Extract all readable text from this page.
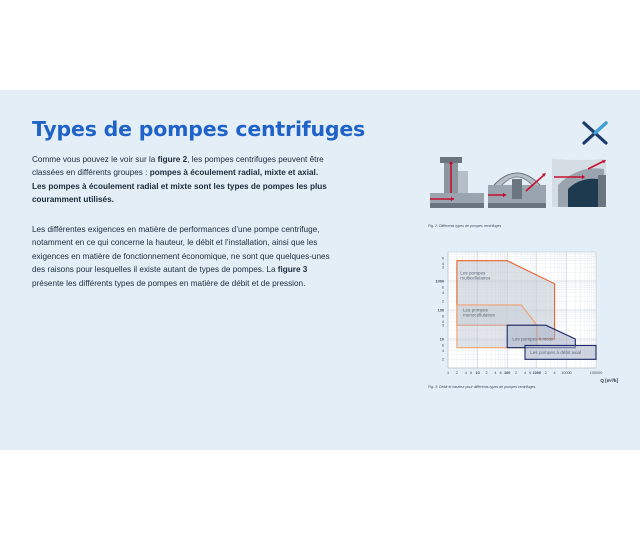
Types de pompes centrifuges

Comme vous pouvez le voir sur la figure 2, les pompes centrifuges peuvent être classées en différents groupes : pompes à écoulement radial, mixte et axial. Les pompes à écoulement radial et mixte sont les types de pompes les plus couramment utilisés.

Les différentes exigences en matière de performances d’une pompe centrifuge, notamment en ce qui concerne la hauteur, le débit et l’installation, ainsi que les exigences en matière de fonctionnement économique, ne sont que quelques-unes des raisons pour lesquelles il existe autant de types de pompes. La figure 3 présente les différents types de pompes en matière de débit et de pression.

Fig. 2: Différents types de pompes centrifuges
Les pompes multicellulaires
Les pompes monocellulaires
Les pompes à mixte
Les pompes à débit axial
1 2 4 6 10 2 4 6 100 2 4 6 1000 2 4 10000	100000
6
4
3
1000
6
4
2
100
6
4
3
10
6
4
2
Q [m³/h]
Fig. 3: Débit et hauteur pour différents types de pompes centrifuges
